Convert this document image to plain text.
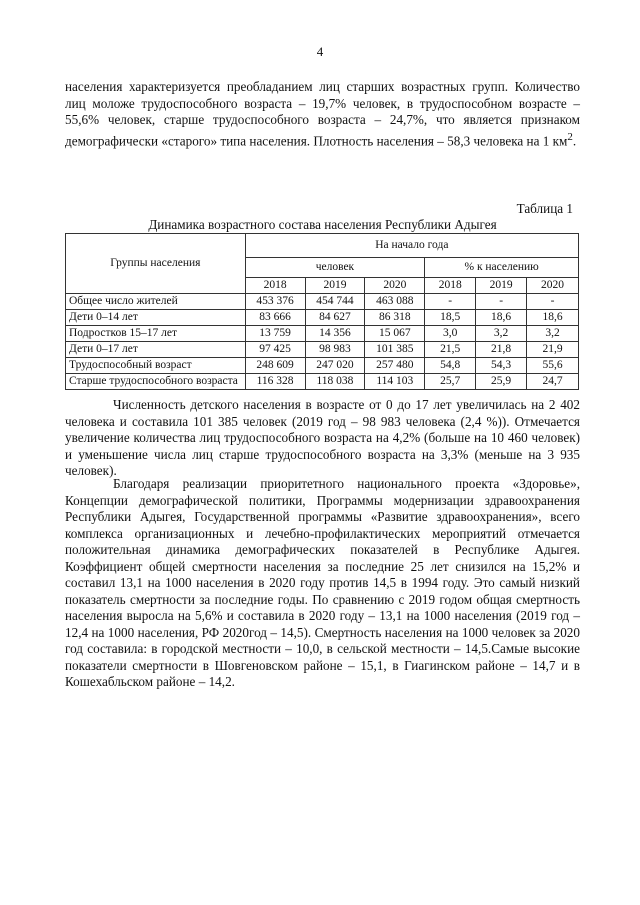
4
населения характеризуется преобладанием лиц старших возрастных групп. Количество лиц моложе трудоспособного возраста – 19,7% человек, в трудоспособном возрасте – 55,6% человек, старше трудоспособного возраста – 24,7%, что является признаком демографически «старого» типа населения. Плотность населения – 58,3 человека на 1 $км^2$.
Таблица 1
Динамика возрастного состава населения Республики Адыгея
Группы населения	На начало года					
	человек			% к населению		
	2018	2019	2020	2018	2019	2020
Общее число жителей	453 376	454 744	463 088	-	-	-
Дети 0–14 лет	83 666	84 627	86 318	18,5	18,6	18,6
Подростков 15–17 лет	13 759	14 356	15 067	3,0	3,2	3,2
Дети 0–17 лет	97 425	98 983	101 385	21,5	21,8	21,9
Трудоспособный возраст	248 609	247 020	257 480	54,8	54,3	55,6
Старше трудоспособного возраста	116 328	118 038	114 103	25,7	25,9	24,7
Численность детского населения в возрасте от 0 до 17 лет увеличилась на 2 402 человека и составила 101 385 человек (2019 год – 98 983 человека (2,4 %)). Отмечается увеличение количества лиц трудоспособного возраста на 4,2% (больше на 10 460 человек) и уменьшение числа лиц старше трудоспособного возраста на 3,3% (меньше на 3 935 человек).
Благодаря реализации приоритетного национального проекта «Здоровье», Концепции демографической политики, Программы модернизации здравоохранения Республики Адыгея, Государственной программы «Развитие здравоохранения», всего комплекса организационных и лечебно-профилактических мероприятий отмечается положительная динамика демографических показателей в Республике Адыгея. Коэффициент общей смертности населения за последние 25 лет снизился на 15,2% и составил 13,1 на 1000 населения в 2020 году против 14,5 в 1994 году. Это самый низкий показатель смертности за последние годы. По сравнению с 2019 годом общая смертность населения выросла на 5,6% и составила в 2020 году – 13,1 на 1000 населения (2019 год – 12,4 на 1000 населения, РФ 2020год – 14,5). Смертность населения на 1000 человек за 2020 год составила: в городской местности – 10,0, в сельской местности – 14,5.Самые высокие показатели смертности в Шовгеновском районе – 15,1, в Гиагинском районе – 14,7 и в Кошехабльском районе – 14,2.
